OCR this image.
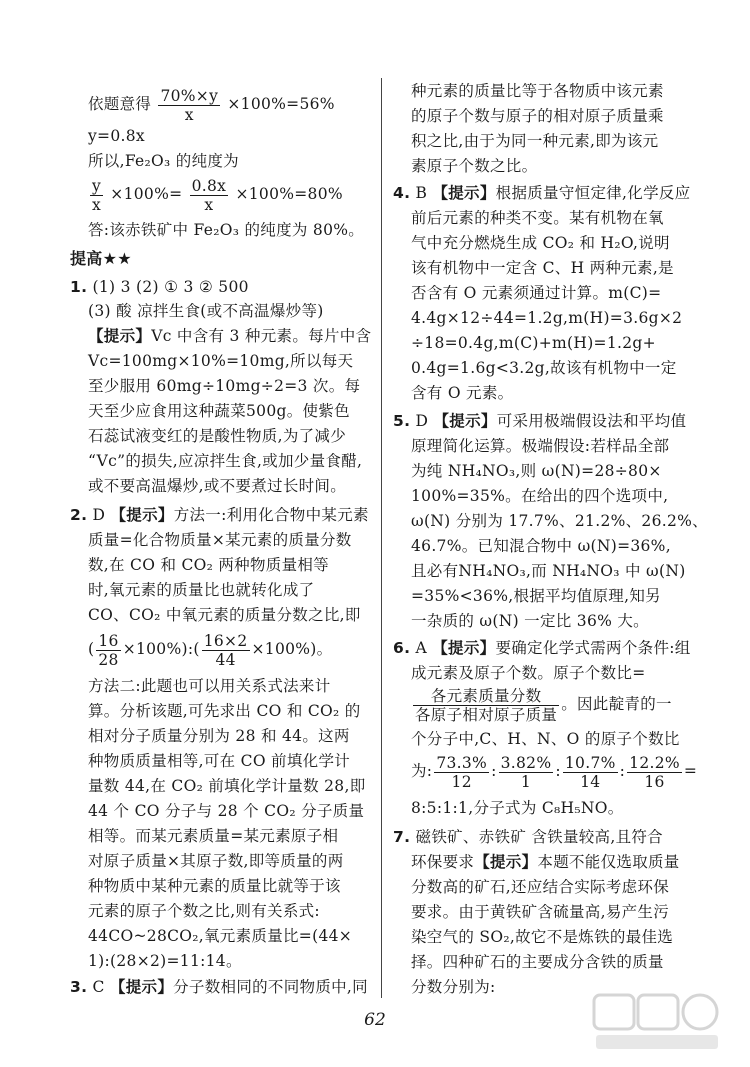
依题意得 $\frac{70\%\times y}{x} \times 100\%=56\%$
y=0.8x
所以,Fe₂O₃ 的纯度为
$\frac{y}{x} \times 100\%= \frac{0.8x}{x} \times 100\%=80\%$
答:该赤铁矿中 Fe₂O₃ 的纯度为 80%。
提高★★
1. (1) 3 (2) ① 3 ② 500
(3) 酸 凉拌生食(或不高温爆炒等)
【提示】Vc 中含有 3 种元素。每片中含
Vc=100mg×10%=10mg,所以每天
至少服用 60mg÷10mg÷2=3 次。每
天至少应食用这种蔬菜500g。使紫色
石蕊试液变红的是酸性物质,为了减少
“Vc”的损失,应凉拌生食,或加少量食醋,
或不要高温爆炒,或不要煮过长时间。
2. D 【提示】方法一:利用化合物中某元素
质量=化合物质量×某元素的质量分数
数,在 CO 和 CO₂ 两种物质量相等
时,氧元素的质量比也就转化成了
CO、CO₂ 中氧元素的质量分数之比,即
( $\frac{16}{28}$ ×100%):( $\frac{16\times 2}{44} \times 100\%$)。
方法二:此题也可以用关系式法来计
算。分析该题,可先求出 CO 和 CO₂ 的
相对分子质量分别为 28 和 44。这两
种物质质量相等,可在 CO 前填化学计
量数 44,在 CO₂ 前填化学计量数 28,即
44 个 CO 分子与 28 个 CO₂ 分子质量
相等。而某元素质量=某元素原子相
对原子质量×其原子数,即等质量的两
种物质中某种元素的质量比就等于该
元素的原子个数之比,则有关系式:
44CO~28CO₂,氧元素质量比=(44×
1):(28×2)=11:14。
3. C 【提示】分子数相同的不同物质中,同
种元素的质量比等于各物质中该元素
的原子个数与原子的相对原子质量乘
积之比,由于为同一种元素,即为该元
素原子个数之比。
4. B 【提示】根据质量守恒定律,化学反应
前后元素的种类不变。某有机物在氧
气中充分燃烧生成 CO₂ 和 H₂O,说明
该有机物中一定含 C、H 两种元素,是
否含有 O 元素须通过计算。m(C)=
4.4g×12÷44=1.2g,m(H)=3.6g×2
÷18=0.4g,m(C)+m(H)=1.2g+
0.4g=1.6g<3.2g,故该有机物中一定
含有 O 元素。
5. D 【提示】可采用极端假设法和平均值
原理简化运算。极端假设:若样品全部
为纯 NH₄NO₃,则 ω(N)=28÷80×
100%=35%。在给出的四个选项中,
ω(N) 分别为 17.7%、21.2%、26.2%、
46.7%。已知混合物中 ω(N)=36%,
且必有NH₄NO₃,而 NH₄NO₃ 中 ω(N)
=35%<36%,根据平均值原理,知另
一杂质的 ω(N) 一定比 36% 大。
6. A 【提示】要确定化学式需两个条件:组
成元素及原子个数。原子个数比=
$\frac{\text{各元素质量分数}}{\text{各原子相对原子质量}}$ 。因此靛青的一
个分子中,C、H、N、O 的原子个数比
为: $\frac{73.3\%}{12}$ : $\frac{3.82\%}{1}$ : $\frac{10.7\%}{14}$ : $\frac{12.2\%}{16}$ =
8:5:1:1,分子式为 C₈H₅NO。
7. 磁铁矿、赤铁矿 含铁量较高,且符合
环保要求【提示】本题不能仅选取质量
分数高的矿石,还应结合实际考虑环保
要求。由于黄铁矿含硫量高,易产生污
染空气的 SO₂,故它不是炼铁的最佳选
择。四种矿石的主要成分含铁的质量
分数分别为:
62
